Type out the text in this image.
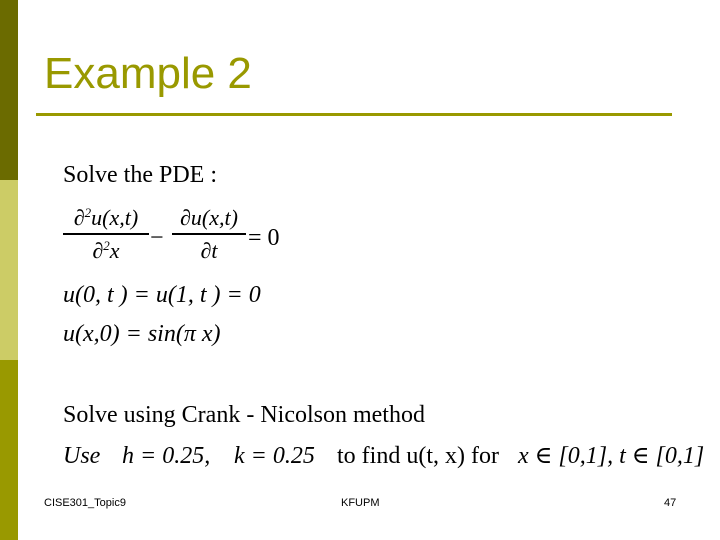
Example 2
Solve the PDE :
∂$^2$u(x,t)
∂$^2$x	−
∂u(x,t)
∂t	= 0
u(0, t ) = u(1, t ) = 0
u(x,0) = sin(π x)
Solve using Crank - Nicolson method
Use h = 0.25, k = 0.25 to find u(t, x) for x ∈ [0,1], t ∈ [0,1]
CISE301_Topic9	KFUPM	47
